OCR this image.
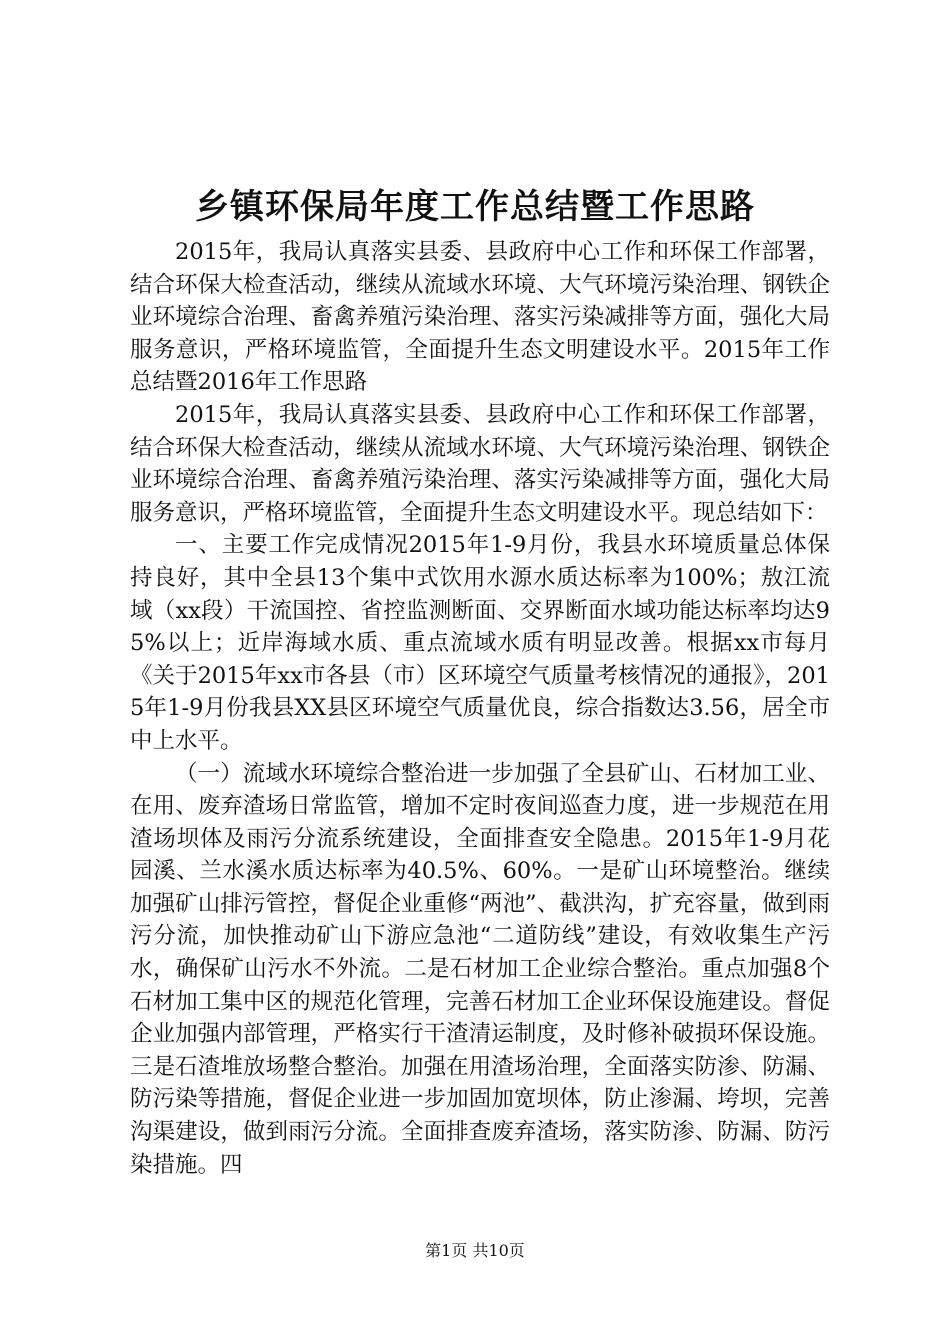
乡镇环保局年度工作总结暨工作思路

2015年，我局认真落实县委、县政府中心工作和环保工作部署，结合环保大检查活动，继续从流域水环境、大气环境污染治理、钢铁企业环境综合治理、畜禽养殖污染治理、落实污染减排等方面，强化大局服务意识，严格环境监管，全面提升生态文明建设水平。2015年工作总结暨2016年工作思路

2015年，我局认真落实县委、县政府中心工作和环保工作部署，结合环保大检查活动，继续从流域水环境、大气环境污染治理、钢铁企业环境综合治理、畜禽养殖污染治理、落实污染减排等方面，强化大局服务意识，严格环境监管，全面提升生态文明建设水平。现总结如下：

一、主要工作完成情况2015年1-9月份，我县水环境质量总体保持良好，其中全县13个集中式饮用水源水质达标率为100%；敖江流域（xx段）干流国控、省控监测断面、交界断面水域功能达标率均达95%以上；近岸海域水质、重点流域水质有明显改善。根据xx市每月《关于2015年xx市各县（市）区环境空气质量考核情况的通报》，2015年1-9月份我县XX县区环境空气质量优良，综合指数达3.56，居全市中上水平。

（一）流域水环境综合整治进一步加强了全县矿山、石材加工业、在用、废弃渣场日常监管，增加不定时夜间巡查力度，进一步规范在用渣场坝体及雨污分流系统建设，全面排查安全隐患。2015年1-9月花园溪、兰水溪水质达标率为40.5%、60%。一是矿山环境整治。继续加强矿山排污管控，督促企业重修“两池”、截洪沟，扩充容量，做到雨污分流，加快推动矿山下游应急池“二道防线”建设，有效收集生产污水，确保矿山污水不外流。二是石材加工企业综合整治。重点加强8个石材加工集中区的规范化管理，完善石材加工企业环保设施建设。督促企业加强内部管理，严格实行干渣清运制度，及时修补破损环保设施。三是石渣堆放场整合整治。加强在用渣场治理，全面落实防渗、防漏、防污染等措施，督促企业进一步加固加宽坝体，防止渗漏、垮坝，完善沟渠建设，做到雨污分流。全面排查废弃渣场，落实防渗、防漏、防污染措施。四

第1页 共10页
